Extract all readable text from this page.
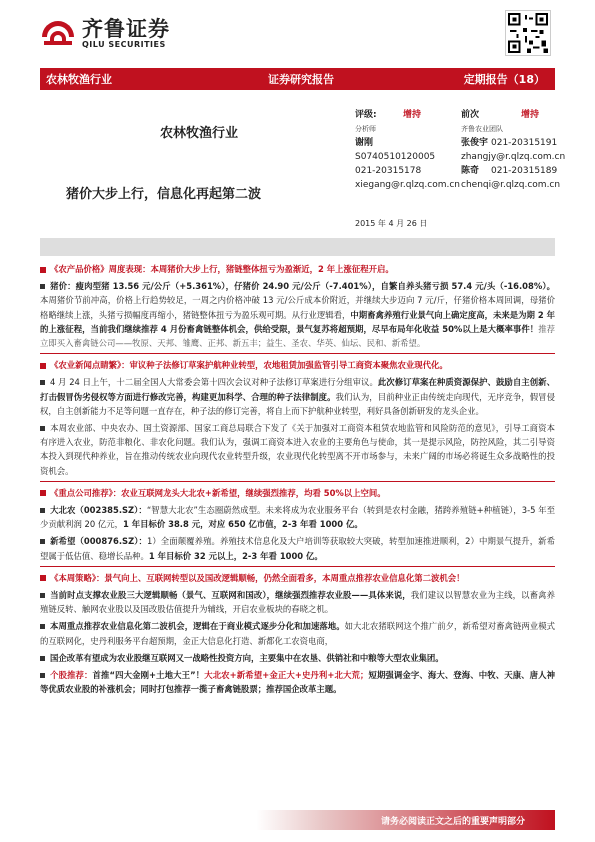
齐鲁证券
QILU SECURITIES
农林牧渔行业	证券研究报告	定期报告（18）
农林牧渔行业
猪价大步上行，信息化再起第二波
评级:	增持	前次	增持
分析师	齐鲁农业团队
谢刚	张俊宇 021-20315191
S0740510120005	zhangjy@r.qlzq.com.cn
021-20315178	陈奇 021-20315189
xiegang@r.qlzq.com.cn chenqi@r.qlzq.com.cn
2015 年 4 月 26 日
《农产品价格》周度表现：本周猪价大步上行，猪链整体扭亏为盈渐近，2 年上涨征程开启。
猪价：瘦肉型猪 13.56 元/公斤（+5.361%），仔猪价 24.90 元/公斤（-7.401%），自繁自养头猪亏损 57.4 元/头（-16.08%）。本周猪价节前冲高，价格上行趋势较足，一周之内价格冲破 13 元/公斤成本价附近，并继续大步迈向 7 元/斤，仔猪价格本周回调，母猪价格略继续上涨，头猪亏损幅度再缩小，猪链整体扭亏为盈乐观可期。从行业逻辑看，中期畜禽养殖行业景气向上确定度高，未来是为期 2 年的上涨征程，当前我们继续推荐 4 月份畜禽链整体机会，供给受限，景气复苏将超预期，尽早布局年化收益 50%以上是大概率事件！推荐立即买入畜禽链公司——牧原、天邦、雏鹰、正邦、新五丰；益生、圣农、华英、仙坛、民和、新希望。
《农业新闻点睛繁》：审议种子法修订草案护航种业转型，农地租赁加强监管引导工商资本聚焦农业现代化。
4 月 24 日上午，十二届全国人大常委会第十四次会议对种子法修订草案进行分组审议。此次修订草案在种质资源保护、鼓励自主创新、打击假冒伪劣侵权等方面进行修改完善，构建更加科学、合理的种子法律制度。我们认为，目前种业正由传统走向现代，无序竞争，假冒侵权，自主创新能力不足等问题一直存在，种子法的修订完善，将自上而下护航种业转型，利好具备创新研发的龙头企业。
本周农业部、中央农办、国土资源部、国家工商总局联合下发了《关于加强对工商资本租赁农地监管和风险防范的意见》，引导工商资本有序进入农业，防范非粮化、非农化问题。我们认为，强调工商资本进入农业的主要角色与使命，其一是提示风险，防控风险，其二引导资本投入到现代种养业，旨在推动传统农业向现代农业转型升级，农业现代化转型离不开市场参与，未来广阔的市场必将诞生众多战略性的投资机会。
《重点公司推荐》：农业互联网龙头大北农+新希望，继续强烈推荐，均看 50%以上空间。
大北农（002385.SZ）：“智慧大北农”生态圈蔚然成型。未来将成为农业服务平台（转到是农村金融，猪跨养殖链+种植链），3-5 年至少贡献利润 20 亿元，1 年目标价 38.8 元，对应 650 亿市值，2-3 年看 1000 亿。
新希望（000876.SZ）：1）全面颠覆养殖。养殖技术信息化及大户培训等获取较大突破，转型加速推进顺利，2）中期景气提升，新希望属于低估值、稳增长品种。1 年目标价 32 元以上，2-3 年看 1000 亿。
《本周策略》：景气向上、互联网转型以及国改逻辑顺畅，仍然全面看多，本周重点推荐农业信息化第二波机会！
当前时点支撑农业股三大逻辑顺畅（景气、互联网和国改），继续强烈推荐农业股——具体来说，我们建议以智慧农业为主线，以畜禽养殖链反转、触网农业股以及国改股估值提升为辅线，开启农业板块的春晓之机。
本周重点推荐农业信息化第二波机会，逻辑在于商业模式逐步分化和加速落地。如大北农猪联网这个推广前夕，新希望对畜禽链两业模式的互联网化，史丹利服务平台超预期，金正大信息化打造、新都化工农资电商，
国企改革有望成为农业股继互联网又一战略性投资方向，主要集中在农垦、供销社和中粮等大型农业集团。
个股推荐：首推“四大金刚+土地大王”！大北农+新希望+金正大+史丹利+北大荒；短期强调金字、海大、登海、中牧、天康、唐人神等优质农业股的补涨机会；同时打包推荐一揽子畜禽链股票；推荐国企改革主题。
请务必阅读正文之后的重要声明部分
